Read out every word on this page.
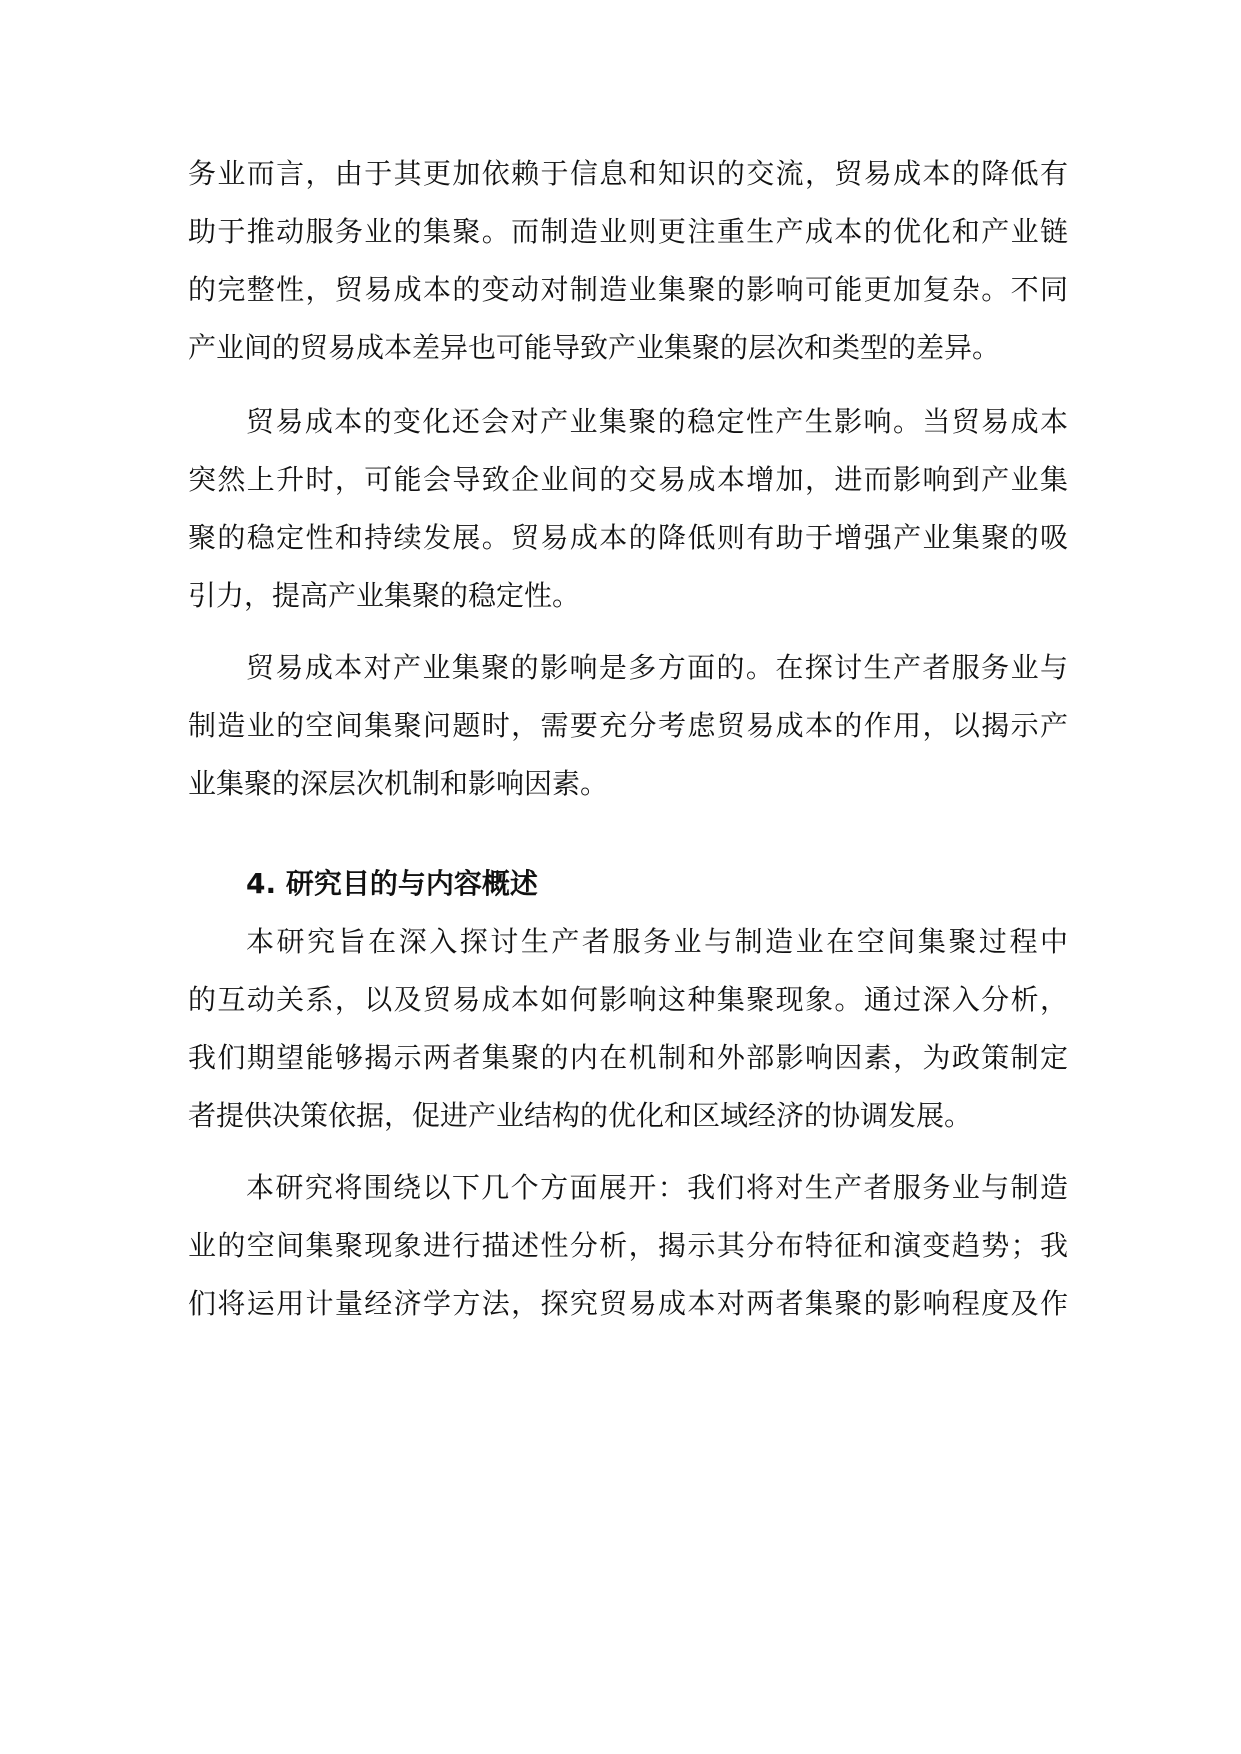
务业而言，由于其更加依赖于信息和知识的交流，贸易成本的降低有
助于推动服务业的集聚。而制造业则更注重生产成本的优化和产业链
的完整性，贸易成本的变动对制造业集聚的影响可能更加复杂。不同
产业间的贸易成本差异也可能导致产业集聚的层次和类型的差异。
贸易成本的变化还会对产业集聚的稳定性产生影响。当贸易成本
突然上升时，可能会导致企业间的交易成本增加，进而影响到产业集
聚的稳定性和持续发展。贸易成本的降低则有助于增强产业集聚的吸
引力，提高产业集聚的稳定性。
贸易成本对产业集聚的影响是多方面的。在探讨生产者服务业与
制造业的空间集聚问题时，需要充分考虑贸易成本的作用，以揭示产
业集聚的深层次机制和影响因素。
4. 研究目的与内容概述
本研究旨在深入探讨生产者服务业与制造业在空间集聚过程中
的互动关系，以及贸易成本如何影响这种集聚现象。通过深入分析，
我们期望能够揭示两者集聚的内在机制和外部影响因素，为政策制定
者提供决策依据，促进产业结构的优化和区域经济的协调发展。
本研究将围绕以下几个方面展开：我们将对生产者服务业与制造
业的空间集聚现象进行描述性分析，揭示其分布特征和演变趋势；我
们将运用计量经济学方法，探究贸易成本对两者集聚的影响程度及作
